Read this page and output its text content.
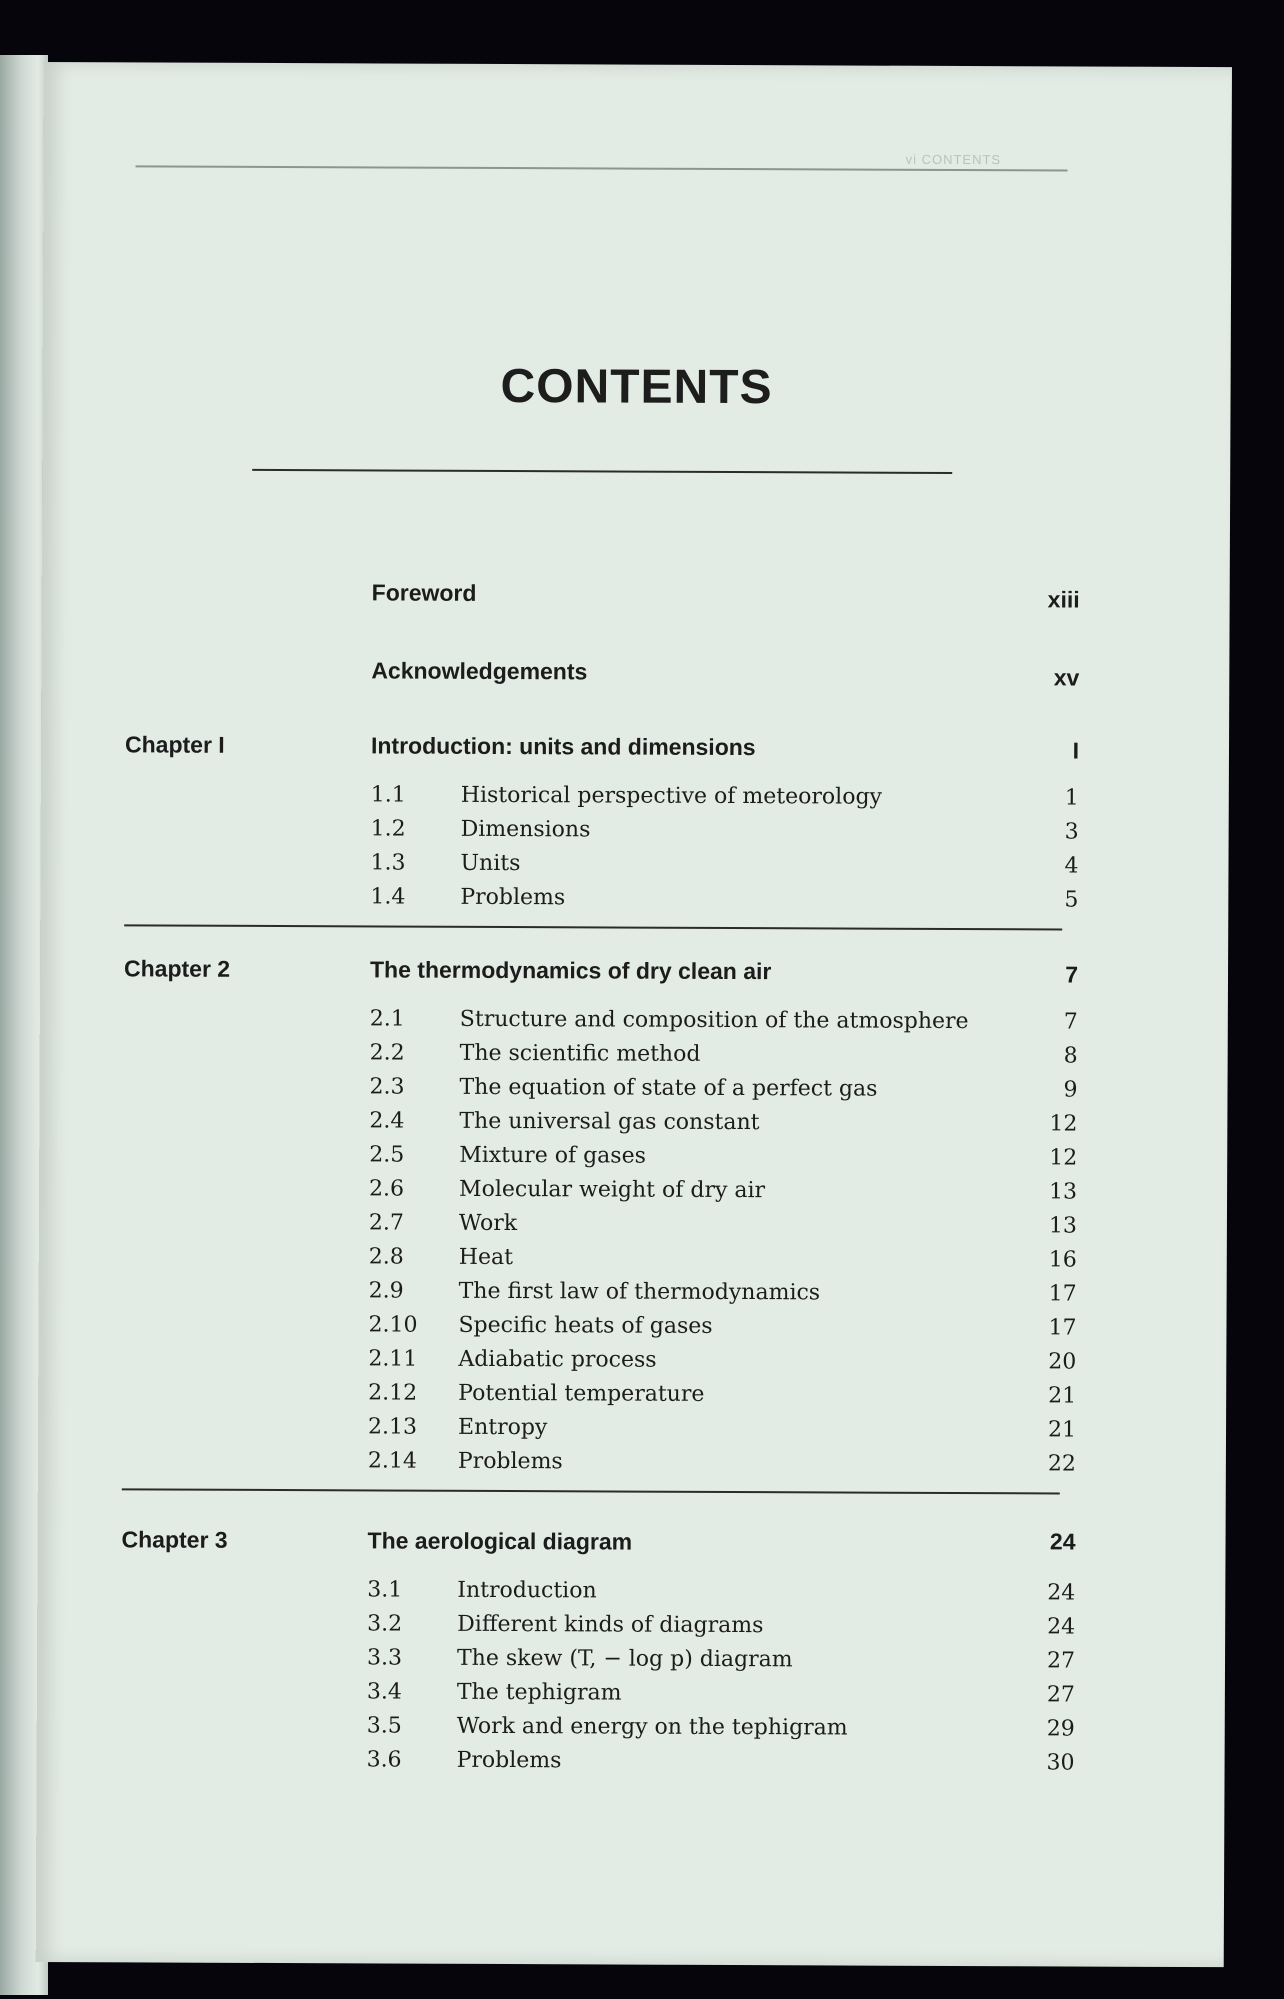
vi CONTENTS
CONTENTS
Foreword	xiii
Acknowledgements	xv
Chapter I	Introduction: units and dimensions	I
1.1 Historical perspective of meteorology	1
1.2 Dimensions	3
1.3 Units	4
1.4 Problems	5
Chapter 2	The thermodynamics of dry clean air	7
2.1 Structure and composition of the atmosphere	7
2.2 The scientific method	8
2.3 The equation of state of a perfect gas	9
2.4 The universal gas constant	12
2.5 Mixture of gases	12
2.6 Molecular weight of dry air	13
2.7 Work	13
2.8 Heat	16
2.9 The first law of thermodynamics	17
2.10 Specific heats of gases	17
2.11 Adiabatic process	20
2.12 Potential temperature	21
2.13 Entropy	21
2.14 Problems	22
Chapter 3	The aerological diagram	24
3.1 Introduction	24
3.2 Different kinds of diagrams	24
3.3 The skew (T, − log p) diagram	27
3.4 The tephigram	27
3.5 Work and energy on the tephigram	29
3.6 Problems	30
